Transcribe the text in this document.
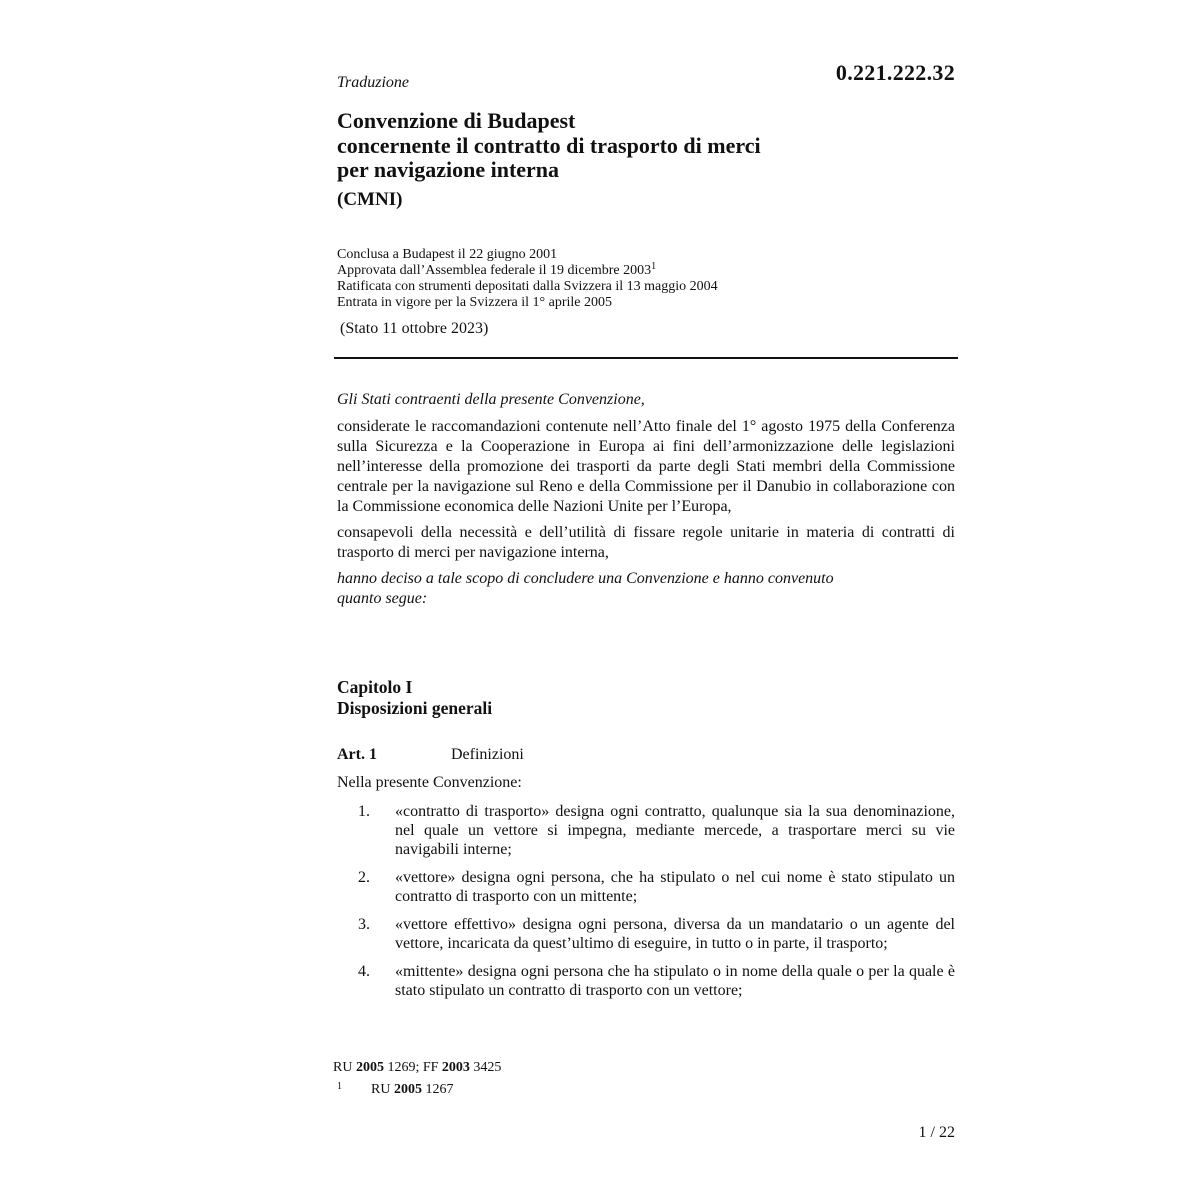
Traduzione	0.221.222.32
Convenzione di Budapest
concernente il contratto di trasporto di merci
per navigazione interna
(CMNI)
Conclusa a Budapest il 22 giugno 2001
Approvata dall’Assemblea federale il 19 dicembre 2003$^1$
Ratificata con strumenti depositati dalla Svizzera il 13 maggio 2004
Entrata in vigore per la Svizzera il 1° aprile 2005
(Stato 11 ottobre 2023)

Gli Stati contraenti della presente Convenzione,

considerate le raccomandazioni contenute nell’Atto finale del 1° agosto 1975 della Conferenza sulla Sicurezza e la Cooperazione in Europa ai fini dell’armonizzazione delle legislazioni nell’interesse della promozione dei trasporti da parte degli Stati membri della Commissione centrale per la navigazione sul Reno e della Commissione per il Danubio in collaborazione con la Commissione economica delle Nazioni Unite per l’Europa,

consapevoli della necessità e dell’utilità di fissare regole unitarie in materia di contratti di trasporto di merci per navigazione interna,

hanno deciso a tale scopo di concludere una Convenzione e hanno convenuto
quanto segue:

Capitolo I
Disposizioni generali
Art. 1	Definizioni
Nella presente Convenzione:
1. «contratto di trasporto» designa ogni contratto, qualunque sia la sua denominazione, nel quale un vettore si impegna, mediante mercede, a trasportare merci su vie navigabili interne;
2. «vettore» designa ogni persona, che ha stipulato o nel cui nome è stato stipulato un contratto di trasporto con un mittente;
3. «vettore effettivo» designa ogni persona, diversa da un mandatario o un agente del vettore, incaricata da quest’ultimo di eseguire, in tutto o in parte, il trasporto;
4. «mittente» designa ogni persona che ha stipulato o in nome della quale o per la quale è stato stipulato un contratto di trasporto con un vettore;
RU 2005 1269; FF 2003 3425
1 RU 2005 1267
1 / 22
